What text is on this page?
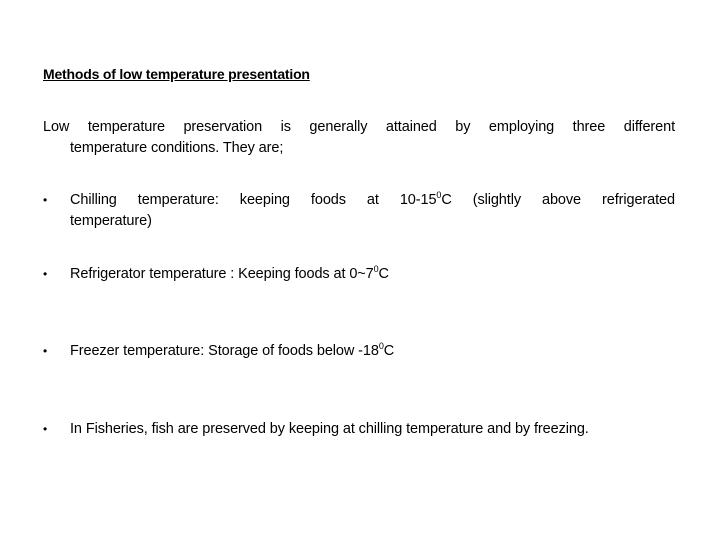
Methods of low temperature presentation
Low temperature preservation is generally attained by employing three different
temperature conditions. They are;
•	Chilling temperature: keeping foods at $10-15^0C$ (slightly above refrigerated
temperature)
•	Refrigerator temperature : Keeping foods at $0\sim 7^0C$
•	Freezer temperature: Storage of foods below $-18^0C$
•	In Fisheries, fish are preserved by keeping at chilling temperature and by freezing.
